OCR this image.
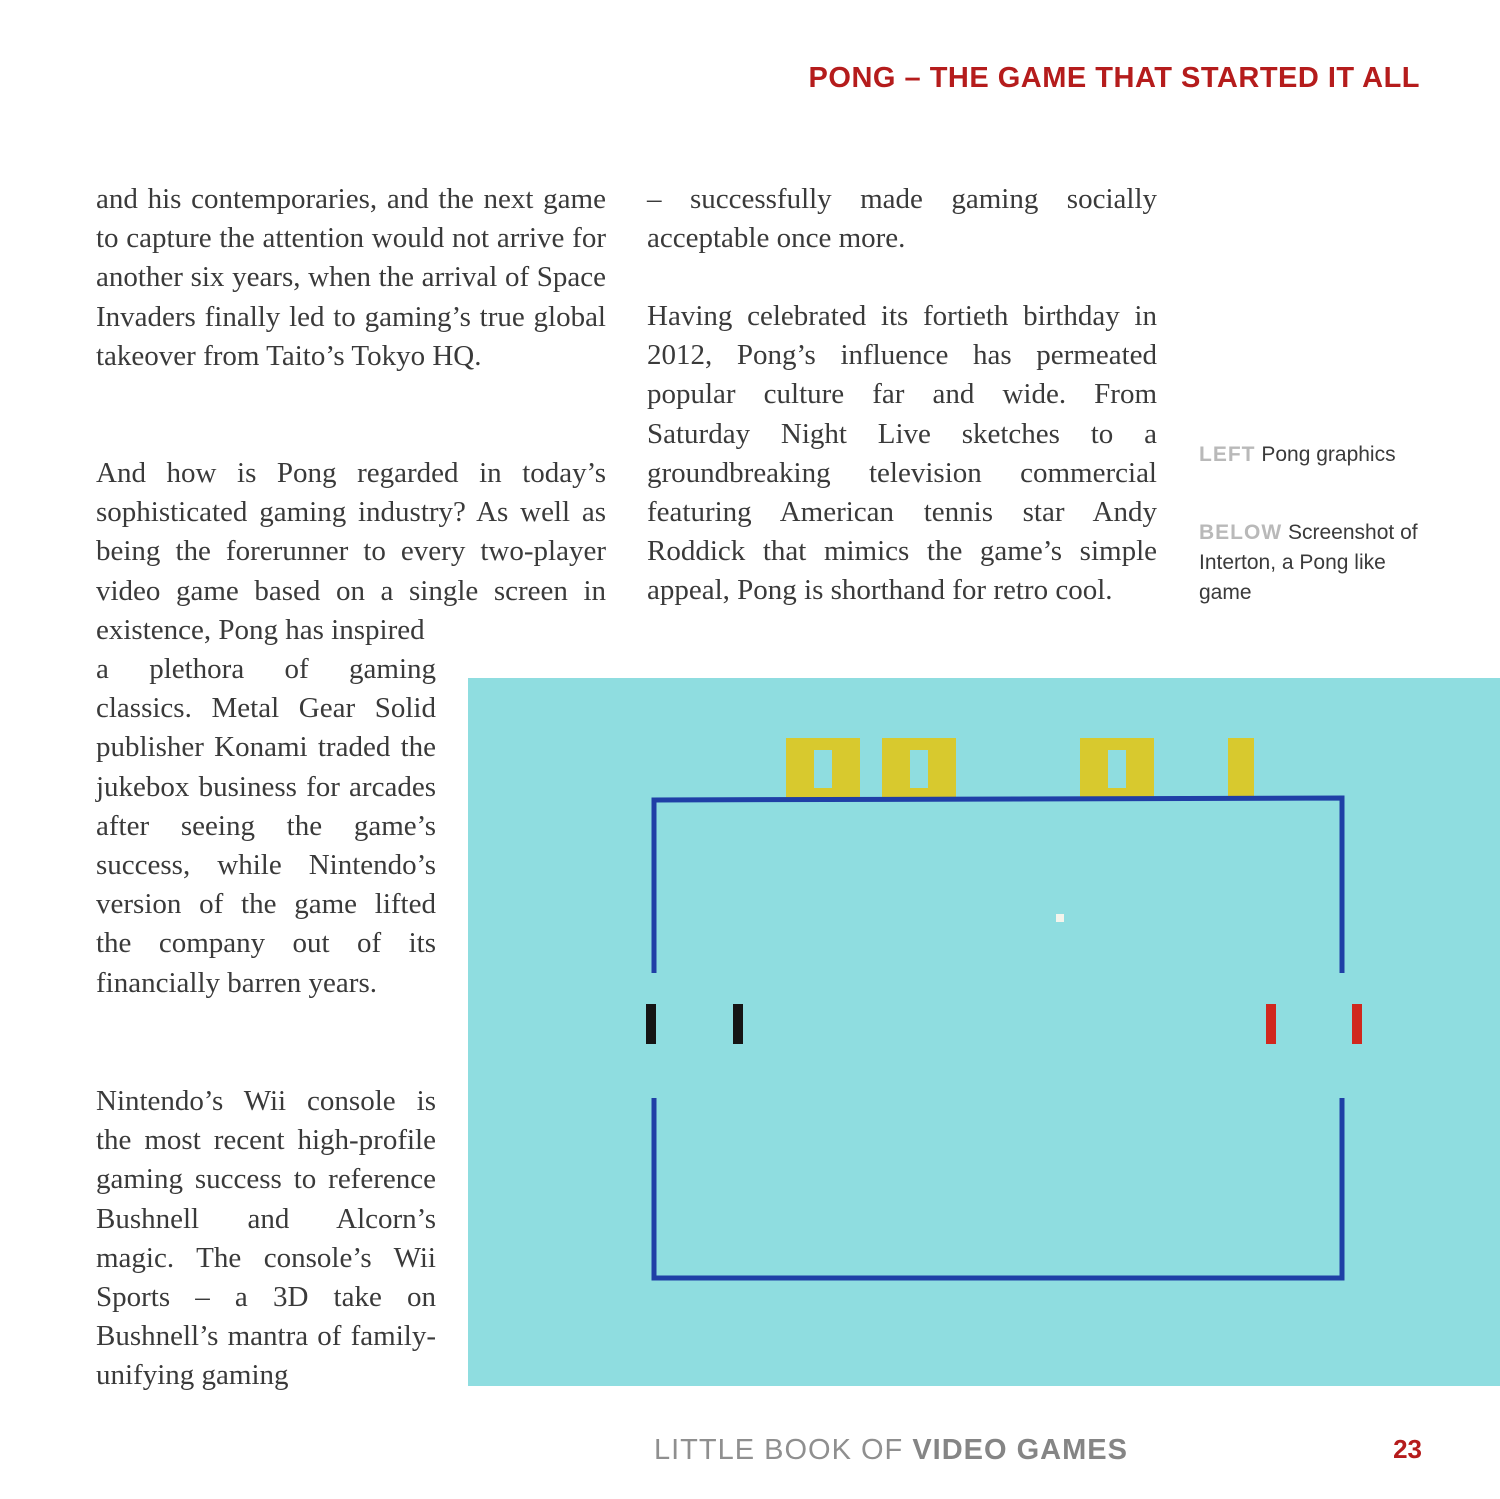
PONG – THE GAME THAT STARTED IT ALL

and his contemporaries, and the next game to capture the attention would not arrive for another six years, when the arrival of Space Invaders finally led to gaming’s true global takeover from Taito’s Tokyo HQ.

And how is Pong regarded in today’s sophisticated gaming industry? As well as being the forerunner to every two-player video game based on a single screen in existence, Pong has inspired

a plethora of gaming classics. Metal Gear Solid publisher Konami traded the jukebox business for arcades after seeing the game’s success, while Nintendo’s version of the game lifted the company out of its financially barren years.

Nintendo’s Wii console is the most recent high-profile gaming success to reference Bushnell and Alcorn’s magic. The console’s Wii Sports – a 3D take on Bushnell’s mantra of family-unifying gaming

– successfully made gaming socially acceptable once more.

Having celebrated its fortieth birthday in 2012, Pong’s influence has permeated popular culture far and wide. From Saturday Night Live sketches to a groundbreaking television commercial featuring American tennis star Andy Roddick that mimics the game’s simple appeal, Pong is shorthand for retro cool.

LEFT Pong graphics
BELOW Screenshot of Interton, a Pong like game
LITTLE BOOK OF VIDEO GAMES	23
